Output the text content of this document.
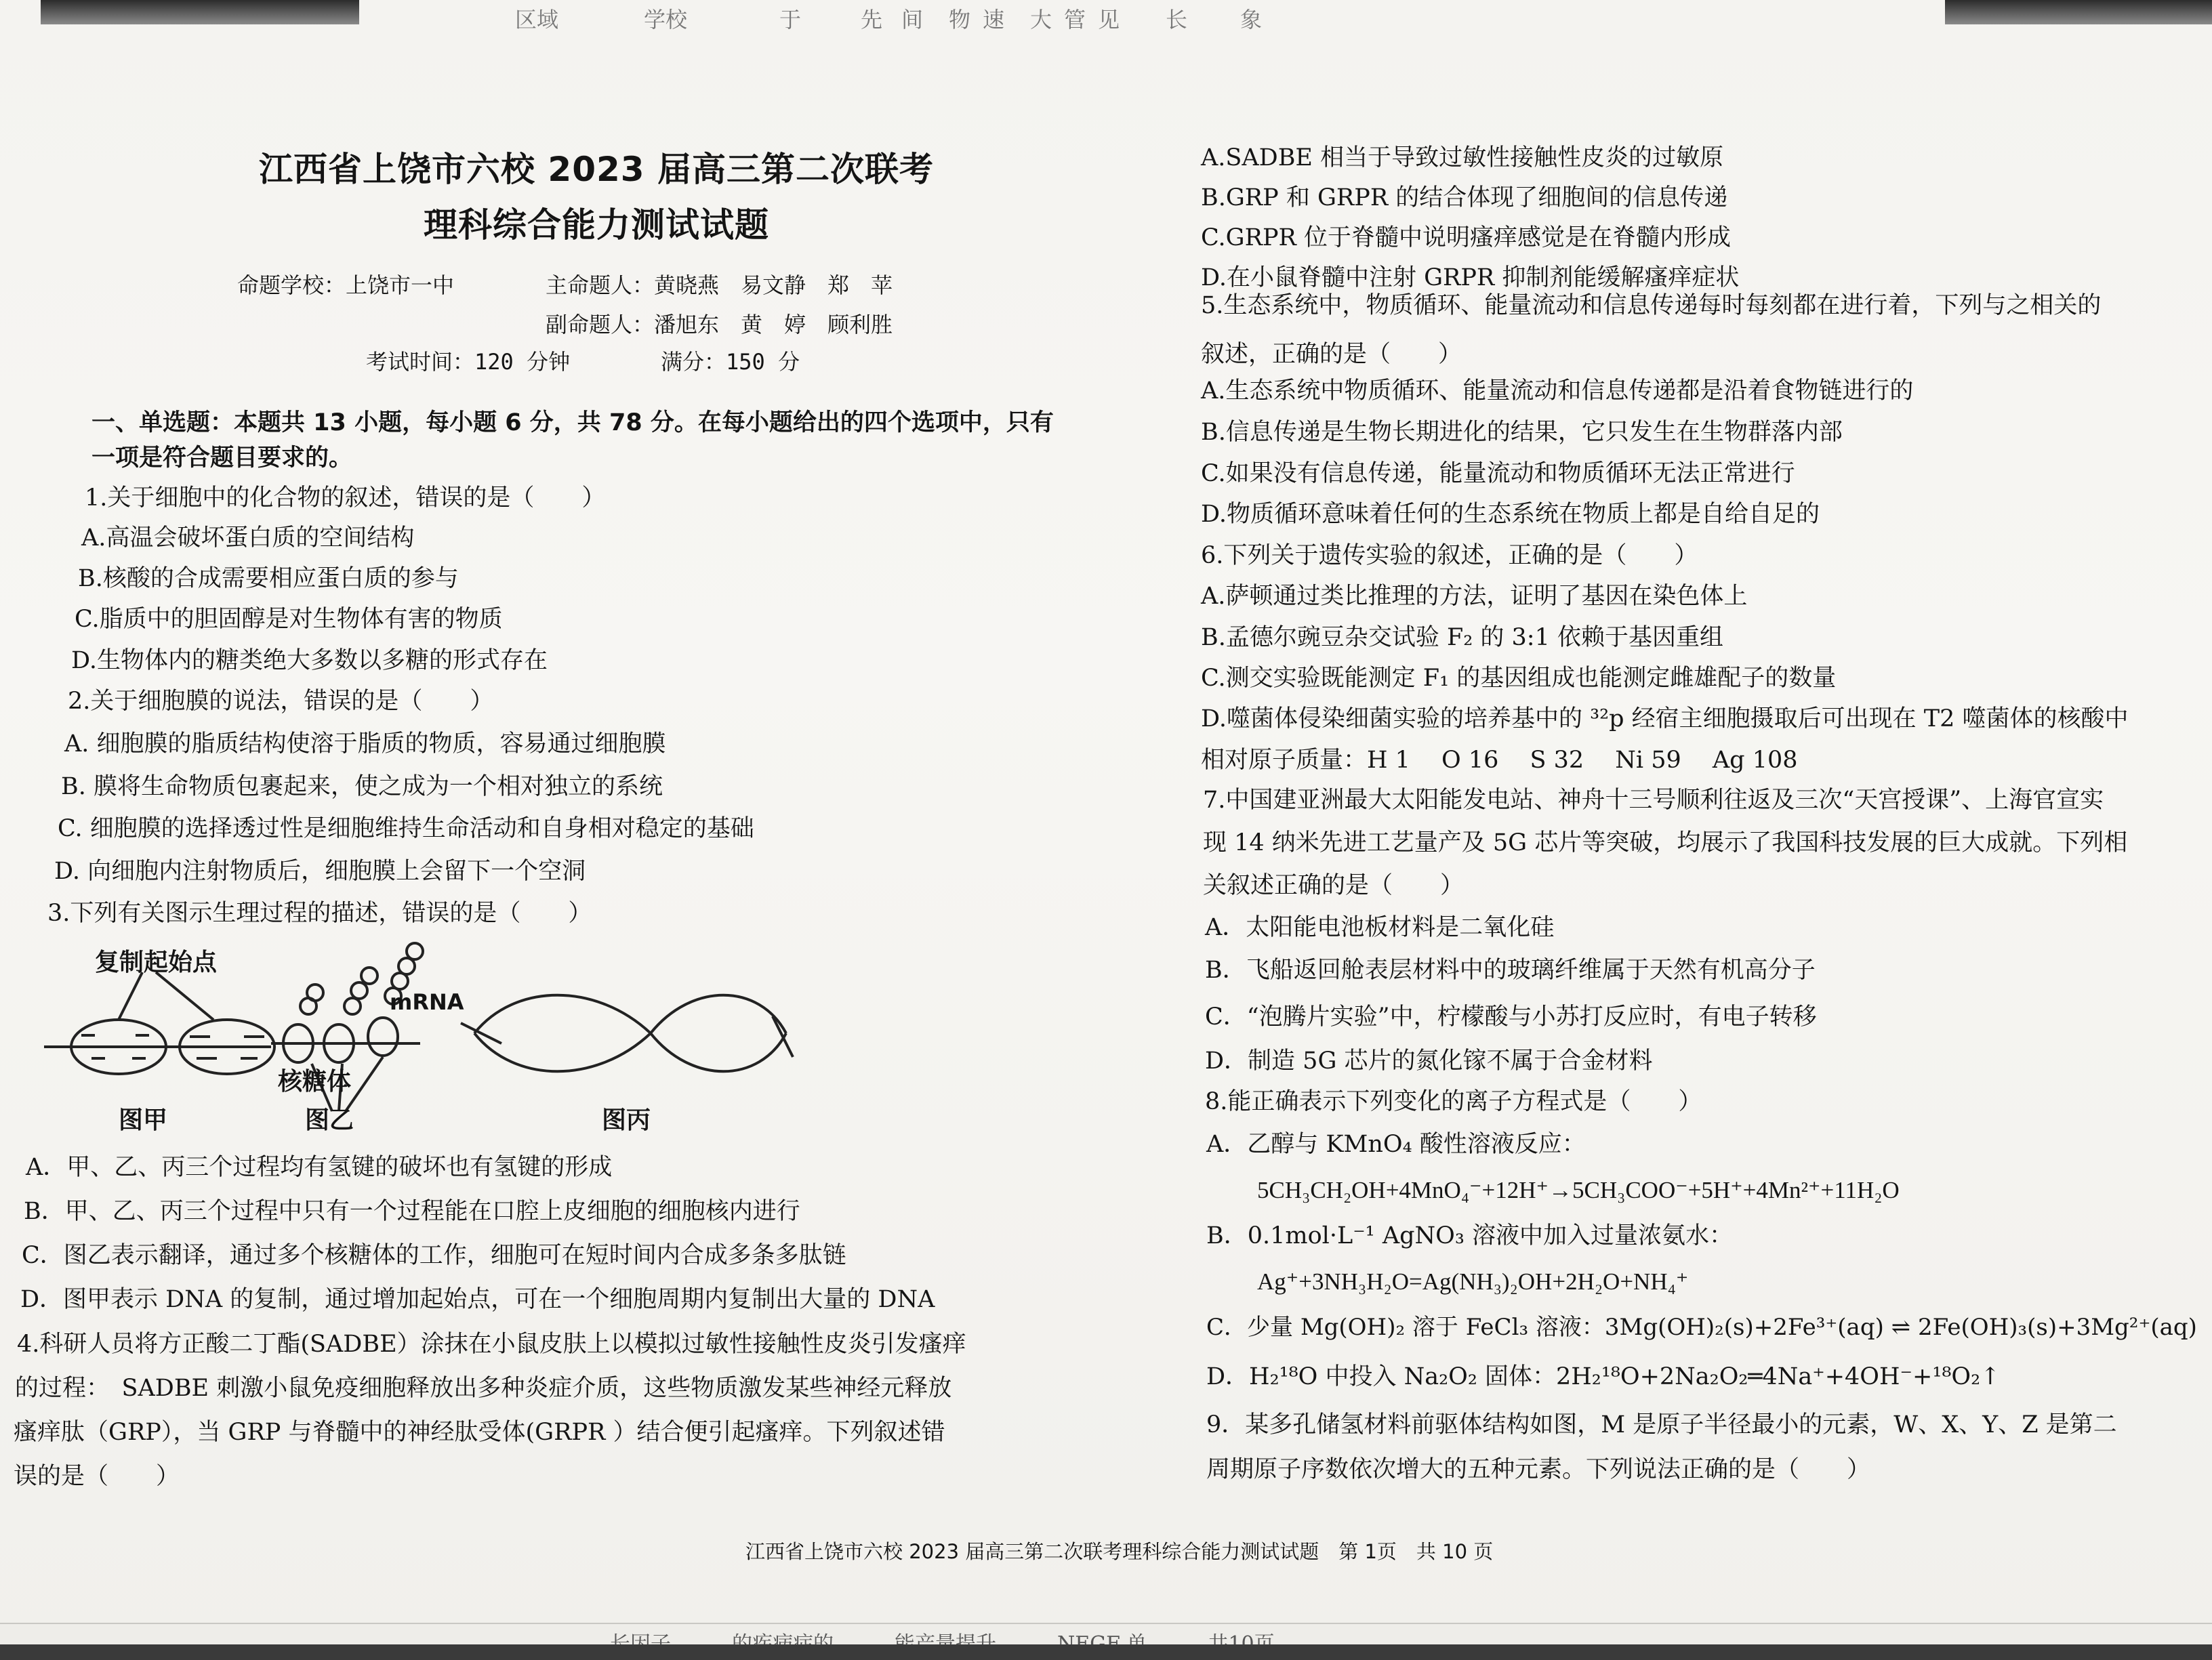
区域	学校	于	先 间 物 速 大 管 见 长 象
江西省上饶市六校 2023 届高三第二次联考
理科综合能力测试试题
命题学校：上饶市一中	主命题人：黄晓燕　易文静　郑　苹
副命题人：潘旭东　黄　婷　顾利胜
考试时间：120 分钟	满分：150 分
一、单选题：本题共 13 小题，每小题 6 分，共 78 分。在每小题给出的四个选项中，只有
一项是符合题目要求的。
1.关于细胞中的化合物的叙述，错误的是（　　）
A.高温会破坏蛋白质的空间结构
B.核酸的合成需要相应蛋白质的参与
C.脂质中的胆固醇是对生物体有害的物质
D.生物体内的糖类绝大多数以多糖的形式存在
2.关于细胞膜的说法，错误的是（　　）
A. 细胞膜的脂质结构使溶于脂质的物质，容易通过细胞膜
B. 膜将生命物质包裹起来，使之成为一个相对独立的系统
C. 细胞膜的选择透过性是细胞维持生命活动和自身相对稳定的基础
D. 向细胞内注射物质后，细胞膜上会留下一个空洞
3.下列有关图示生理过程的描述，错误的是（　　）
复制起始点
mRNA
核糖体
图甲	图乙	图丙
A．甲、乙、丙三个过程均有氢键的破坏也有氢键的形成
B．甲、乙、丙三个过程中只有一个过程能在口腔上皮细胞的细胞核内进行
C．图乙表示翻译，通过多个核糖体的工作，细胞可在短时间内合成多条多肽链
D．图甲表示 DNA 的复制，通过增加起始点，可在一个细胞周期内复制出大量的 DNA
4.科研人员将方正酸二丁酯(SADBE）涂抹在小鼠皮肤上以模拟过敏性接触性皮炎引发瘙痒
的过程：　SADBE 刺激小鼠免疫细胞释放出多种炎症介质，这些物质激发某些神经元释放
瘙痒肽（GRP），当 GRP 与脊髓中的神经肽受体(GRPR ）结合便引起瘙痒。下列叙述错
误的是（　　）
A.SADBE 相当于导致过敏性接触性皮炎的过敏原
B.GRP 和 GRPR 的结合体现了细胞间的信息传递
C.GRPR 位于脊髓中说明瘙痒感觉是在脊髓内形成
D.在小鼠脊髓中注射 GRPR 抑制剂能缓解瘙痒症状
5.生态系统中，物质循环、能量流动和信息传递每时每刻都在进行着，下列与之相关的
叙述，正确的是（　　）
A.生态系统中物质循环、能量流动和信息传递都是沿着食物链进行的
B.信息传递是生物长期进化的结果，它只发生在生物群落内部
C.如果没有信息传递，能量流动和物质循环无法正常进行
D.物质循环意味着任何的生态系统在物质上都是自给自足的
6.下列关于遗传实验的叙述，正确的是（　　）
A.萨顿通过类比推理的方法，证明了基因在染色体上
B.孟德尔豌豆杂交试验 F₂ 的 3:1 依赖于基因重组
C.测交实验既能测定 F₁ 的基因组成也能测定雌雄配子的数量
D.噬菌体侵染细菌实验的培养基中的 ³²p 经宿主细胞摄取后可出现在 T2 噬菌体的核酸中
相对原子质量：H 1　 O 16　 S 32　 Ni 59　 Ag 108
7.中国建亚洲最大太阳能发电站、神舟十三号顺利往返及三次“天宫授课”、上海官宣实
现 14 纳米先进工艺量产及 5G 芯片等突破，均展示了我国科技发展的巨大成就。下列相
关叙述正确的是（　　）
A．太阳能电池板材料是二氧化硅
B．飞船返回舱表层材料中的玻璃纤维属于天然有机高分子
C．“泡腾片实验”中，柠檬酸与小苏打反应时，有电子转移
D．制造 5G 芯片的氮化镓不属于合金材料
8.能正确表示下列变化的离子方程式是（　　）
A．乙醇与 KMnO₄ 酸性溶液反应：
5CH₃CH₂OH+4MnO₄⁻+12H⁺→5CH₃COO⁻+5H⁺+4Mn²⁺+11H₂O
B．0.1mol·L⁻¹ AgNO₃ 溶液中加入过量浓氨水：
Ag⁺+3NH₃H₂O=Ag(NH₃)₂OH+2H₂O+NH₄⁺
C．少量 Mg(OH)₂ 溶于 FeCl₃ 溶液：3Mg(OH)₂(s)+2Fe³⁺(aq) ⇌ 2Fe(OH)₃(s)+3Mg²⁺(aq)
D．H₂¹⁸O 中投入 Na₂O₂ 固体：2H₂¹⁸O+2Na₂O₂═4Na⁺+4OH⁻+¹⁸O₂↑
9．某多孔储氢材料前驱体结构如图，M 是原子半径最小的元素，W、X、Y、Z 是第二
周期原子序数依次增大的五种元素。下列说法正确的是（　　）
江西省上饶市六校 2023 届高三第二次联考理科综合能力测试试题　第 1页　共 10 页
